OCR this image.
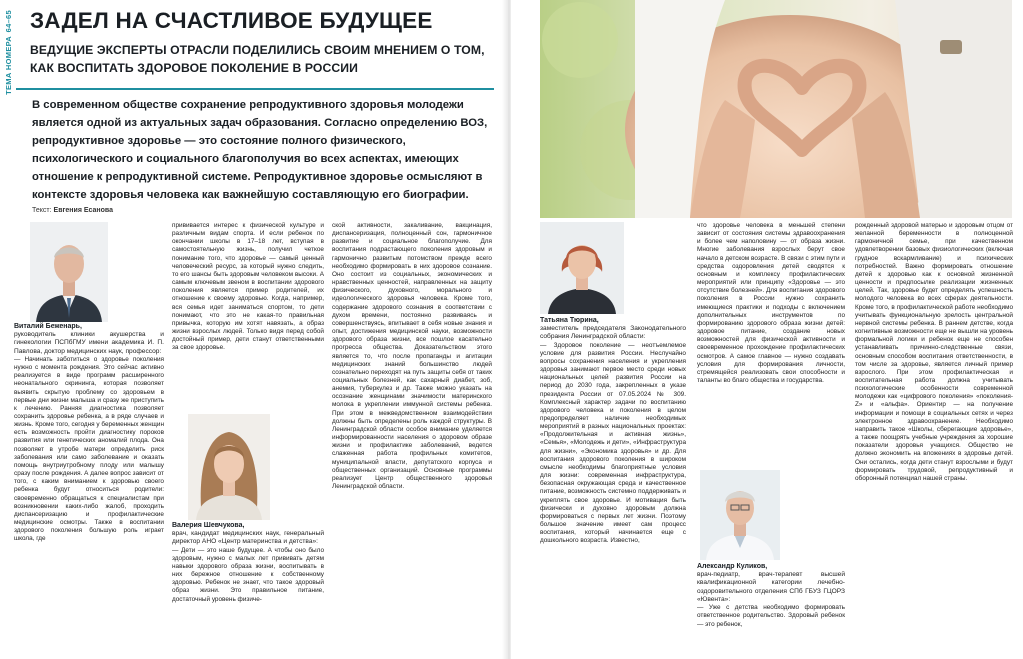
64–65
ТЕМА НОМЕРА
ЗАДЕЛ НА СЧАСТЛИВОЕ БУДУЩЕЕ
ВЕДУЩИЕ ЭКСПЕРТЫ ОТРАСЛИ ПОДЕЛИЛИСЬ СВОИМ МНЕНИЕМ О ТОМ, КАК ВОСПИТАТЬ ЗДОРОВОЕ ПОКОЛЕНИЕ В РОССИИ
В современном обществе сохранение репродуктивного здоровья молодежи является одной из актуальных задач образования. Согласно определению ВОЗ, репродуктивное здоровье — это состояние полного физического, психологического и социального благополучия во всех аспектах, имеющих отношение к репродуктивной системе. Репродуктивное здоровье осмысляют в контексте здоровья человека как важнейшую составляющую его биографии.
Текст: Евгения Есанова

Виталий Беженарь,

руководитель клиники акушерства и гинекологии ПСПбГМУ имени академика И. П. Павлова, доктор медицинских наук, профессор:

— Начинать заботиться о здоровье поколения нужно с момента рождения. Это сейчас активно реализуется в виде программ расширенного неонатального скрининга, которая позволяет выявить скрытую проблему со здоровьем в первые дни жизни малыша и сразу же приступить к лечению. Ранняя диагностика позволяет сохранить здоровье ребенка, а в ряде случаев и жизнь. Кроме того, сегодня у беременных женщин есть возможность пройти диагностику пороков развития или генетических аномалий плода. Она позволяет в утробе матери определить риск заболевания или само заболевание и оказать помощь внутриутробному плоду или малышу сразу после рождения. А далее вопрос зависит от того, с каким вниманием к здоровью своего ребенка будут относиться родители: своевременно обращаться к специалистам при возникновении каких-либо жалоб, проходить диспансеризацию и профилактические медицинские осмотры. Также в воспитании здорового поколения большую роль играет школа, где

прививается интерес к физической культуре и различным видам спорта. И если ребенок по окончании школы в 17–18 лет, вступая в самостоятельную жизнь, получил четкое понимание того, что здоровье — самый ценный человеческий ресурс, за который нужно следить, то его шансы быть здоровым человеком высоки. А самым ключевым звеном в воспитании здорового поколения является пример родителей, их отношение к своему здоровью. Когда, например, вся семья идет заниматься спортом, то дети понимают, что это не какая-то правильная привычка, которую им хотят навязать, а образ жизни взрослых людей. Только видя перед собой достойный пример, дети станут ответственными за свое здоровье.

Валерия Шевчукова,

врач, кандидат медицинских наук, генеральный директор АНО «Центр материнства и детства»:

— Дети — это наше будущее. А чтобы оно было здоровым, нужно с малых лет прививать детям навыки здорового образа жизни, воспитывать в них бережное отношение к собственному здоровью. Ребенок не знает, что такое здоровый образ жизни. Это правильное питание, достаточный уровень физиче-

ской активности, закаливание, вакцинация, диспансеризация, полноценный сон, гармоничное развитие и социальное благополучие. Для воспитания подрастающего поколения здоровым и гармонично развитым потомством прежде всего необходимо формировать в них здоровое сознание. Оно состоит из социальных, экономических и нравственных ценностей, направленных на защиту физического, духовного, морального и идеологического здоровья человека. Кроме того, содержание здорового сознания в соответствии с духом времени, постоянно развиваясь и совершенствуясь, впитывает в себя новые знания и опыт, достижения медицинской науки, возможности здорового образа жизни, все пошлое касательно прогресса общества. Доказательством этого является то, что после пропаганды и агитации медицинских знаний большинство людей сознательно переходят на путь защиты себя от таких социальных болезней, как сахарный диабет, зоб, анемия, туберкулез и др. Также можно указать на осознание женщинами значимости материнского молока в укреплении иммунной системы ребенка. При этом в межведомственном взаимодействии должны быть определены роль каждой структуры. В Ленинградской области особое внимание уделяется информированности населения о здоровом образе жизни и профилактике заболеваний, ведется слаженная работа профильных комитетов, муниципальной власти, депутатского корпуса и общественных организаций. Основные программы реализует Центр общественного здоровья Ленинградской области.

Татьяна Тюрина,

заместитель председателя Законодательного собрания Ленинградской области:

— Здоровое поколение — неотъемлемое условие для развития России. Неслучайно вопросы сохранения населения и укрепления здоровья занимают первое место среди новых национальных целей развития России на период до 2030 года, закрепленных в указе президента России от 07.05.2024 № 309. Комплексный характер задачи по воспитанию здорового человека и поколения в целом предопределяет наличие необходимых мероприятий в разных национальных проектах: «Продолжительная и активная жизнь», «Семья», «Молодежь и дети», «Инфраструктура для жизни», «Экономика здоровья» и др. Для воспитания здорового поколения в широком смысле необходимы благоприятные условия для жизни: современная инфраструктура, безопасная окружающая среда и качественное питание, возможность системно поддерживать и укреплять свое здоровье. И мотивация быть физически и духовно здоровым должна формироваться с первых лет жизни. Поэтому большое значение имеет сам процесс воспитания, который начинается еще с дошкольного возраста. Известно,

что здоровье человека в меньшей степени зависит от состояния системы здравоохранения и более чем наполовину — от образа жизни. Многие заболевания взрослых берут свое начало в детском возрасте. В связи с этим пути и средства оздоровления детей сводятся к основным и комплексу профилактических мероприятий или принципу «Здоровье — это отсутствие болезней». Для воспитания здорового поколения в России нужно сохранить имеющиеся практики и подходы с включением дополнительных инструментов по формированию здорового образа жизни детей: здоровое питание, создание новых возможностей для физической активности и своевременное прохождение профилактических осмотров. А самое главное — нужно создавать условия для формирования личности, стремящейся реализовать свои способности и таланты во благо общества и государства.

Александр Куликов,

врач-педиатр, врач-терапевт высшей квалификационной категории лечебно-оздоровительного отделения СПб ГБУЗ ГЦОРЗ «Ювента»:

— Уже с детства необходимо формировать ответственное родительство. Здоровый ребенок — это ребенок,

рожденный здоровой матерью и здоровым отцом от желанной беременности в полноценной гармоничной семье, при качественном удовлетворении базовых физиологических (включая грудное вскармливание) и психических потребностей. Важно формировать отношение детей к здоровью как к основной жизненной ценности и предпосылке реализации жизненных целей. Так, здоровье будет определять успешность молодого человека во всех сферах деятельности. Кроме того, в профилактической работе необходимо учитывать функциональную зрелость центральной нервной системы ребенка. В раннем детстве, когда когнитивные возможности еще не вышли на уровень формальной логики и ребенок еще не способен устанавливать причинно-следственные связи, основным способом воспитания ответственности, в том числе за здоровье, является личный пример взрослого. При этом профилактическая и воспитательная работа должна учитывать психологические особенности современной молодежи как «цифрового поколения» «поколения-Z» и «альфа». Ориентир — на получение информации и помощи в социальных сетях и через электронное здравоохранение. Необходимо направить такое «Школы, сберегающие здоровье», а также поощрять учебные учреждения за хорошие показатели здоровья учащихся. Общество не должно экономить на вложениях в здоровье детей. Они остались, когда дети станут взрослыми и будут формировать трудовой, репродуктивный и оборонный потенциал нашей страны.
